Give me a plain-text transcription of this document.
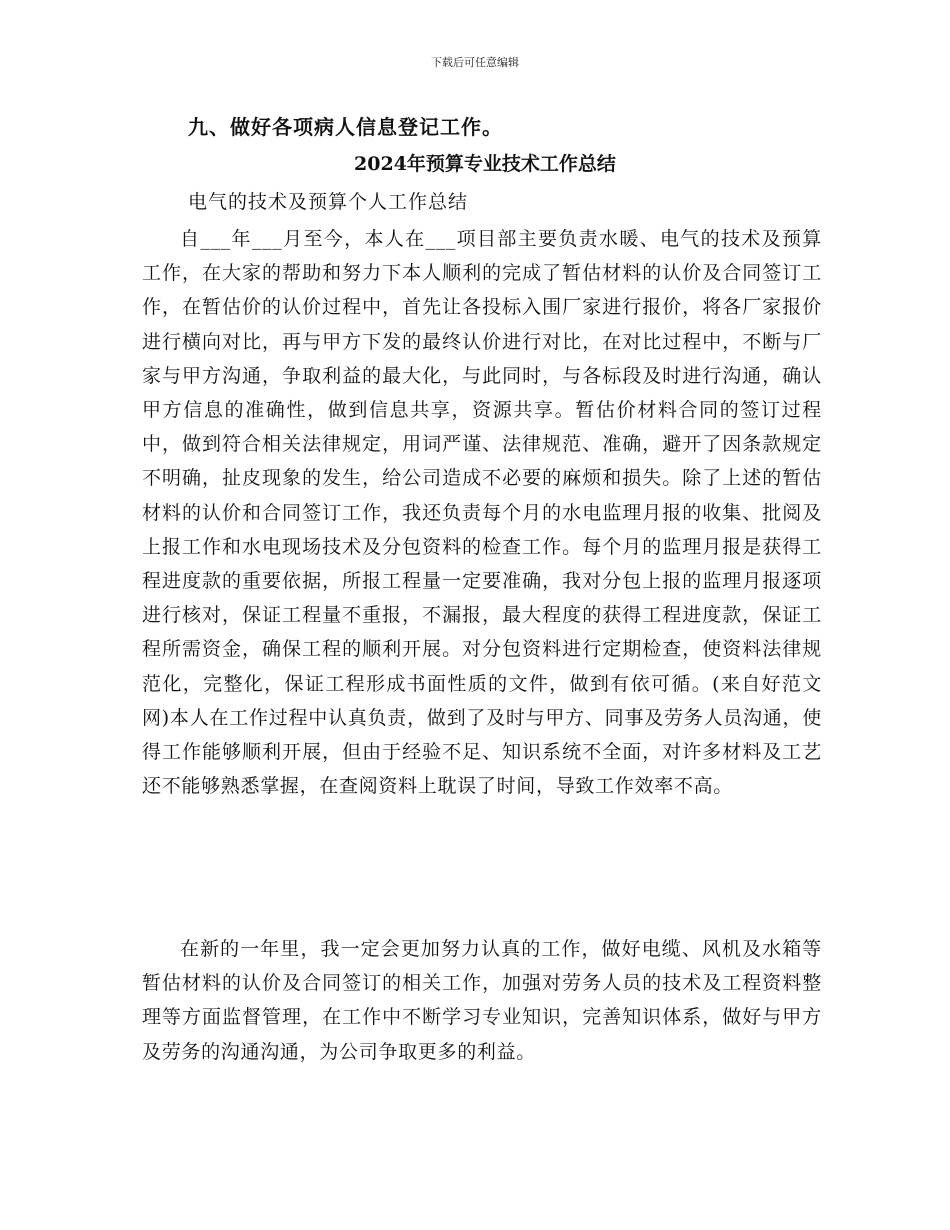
下载后可任意编辑
九、做好各项病人信息登记工作。
2024年预算专业技术工作总结
电气的技术及预算个人工作总结

自___年___月至今，本人在___项目部主要负责水暖、电气的技术及预算工作，在大家的帮助和努力下本人顺利的完成了暂估材料的认价及合同签订工作，在暂估价的认价过程中，首先让各投标入围厂家进行报价，将各厂家报价进行横向对比，再与甲方下发的最终认价进行对比，在对比过程中，不断与厂家与甲方沟通，争取利益的最大化，与此同时，与各标段及时进行沟通，确认甲方信息的准确性，做到信息共享，资源共享。暂估价材料合同的签订过程中，做到符合相关法律规定，用词严谨、法律规范、准确，避开了因条款规定不明确，扯皮现象的发生，给公司造成不必要的麻烦和损失。除了上述的暂估材料的认价和合同签订工作，我还负责每个月的水电监理月报的收集、批阅及上报工作和水电现场技术及分包资料的检查工作。每个月的监理月报是获得工程进度款的重要依据，所报工程量一定要准确，我对分包上报的监理月报逐项进行核对，保证工程量不重报，不漏报，最大程度的获得工程进度款，保证工程所需资金，确保工程的顺利开展。对分包资料进行定期检查，使资料法律规范化，完整化，保证工程形成书面性质的文件，做到有依可循。(来自好范文网)本人在工作过程中认真负责，做到了及时与甲方、同事及劳务人员沟通，使得工作能够顺利开展，但由于经验不足、知识系统不全面，对许多材料及工艺还不能够熟悉掌握，在查阅资料上耽误了时间，导致工作效率不高。

在新的一年里，我一定会更加努力认真的工作，做好电缆、风机及水箱等暂估材料的认价及合同签订的相关工作，加强对劳务人员的技术及工程资料整理等方面监督管理，在工作中不断学习专业知识，完善知识体系，做好与甲方及劳务的沟通沟通，为公司争取更多的利益。
